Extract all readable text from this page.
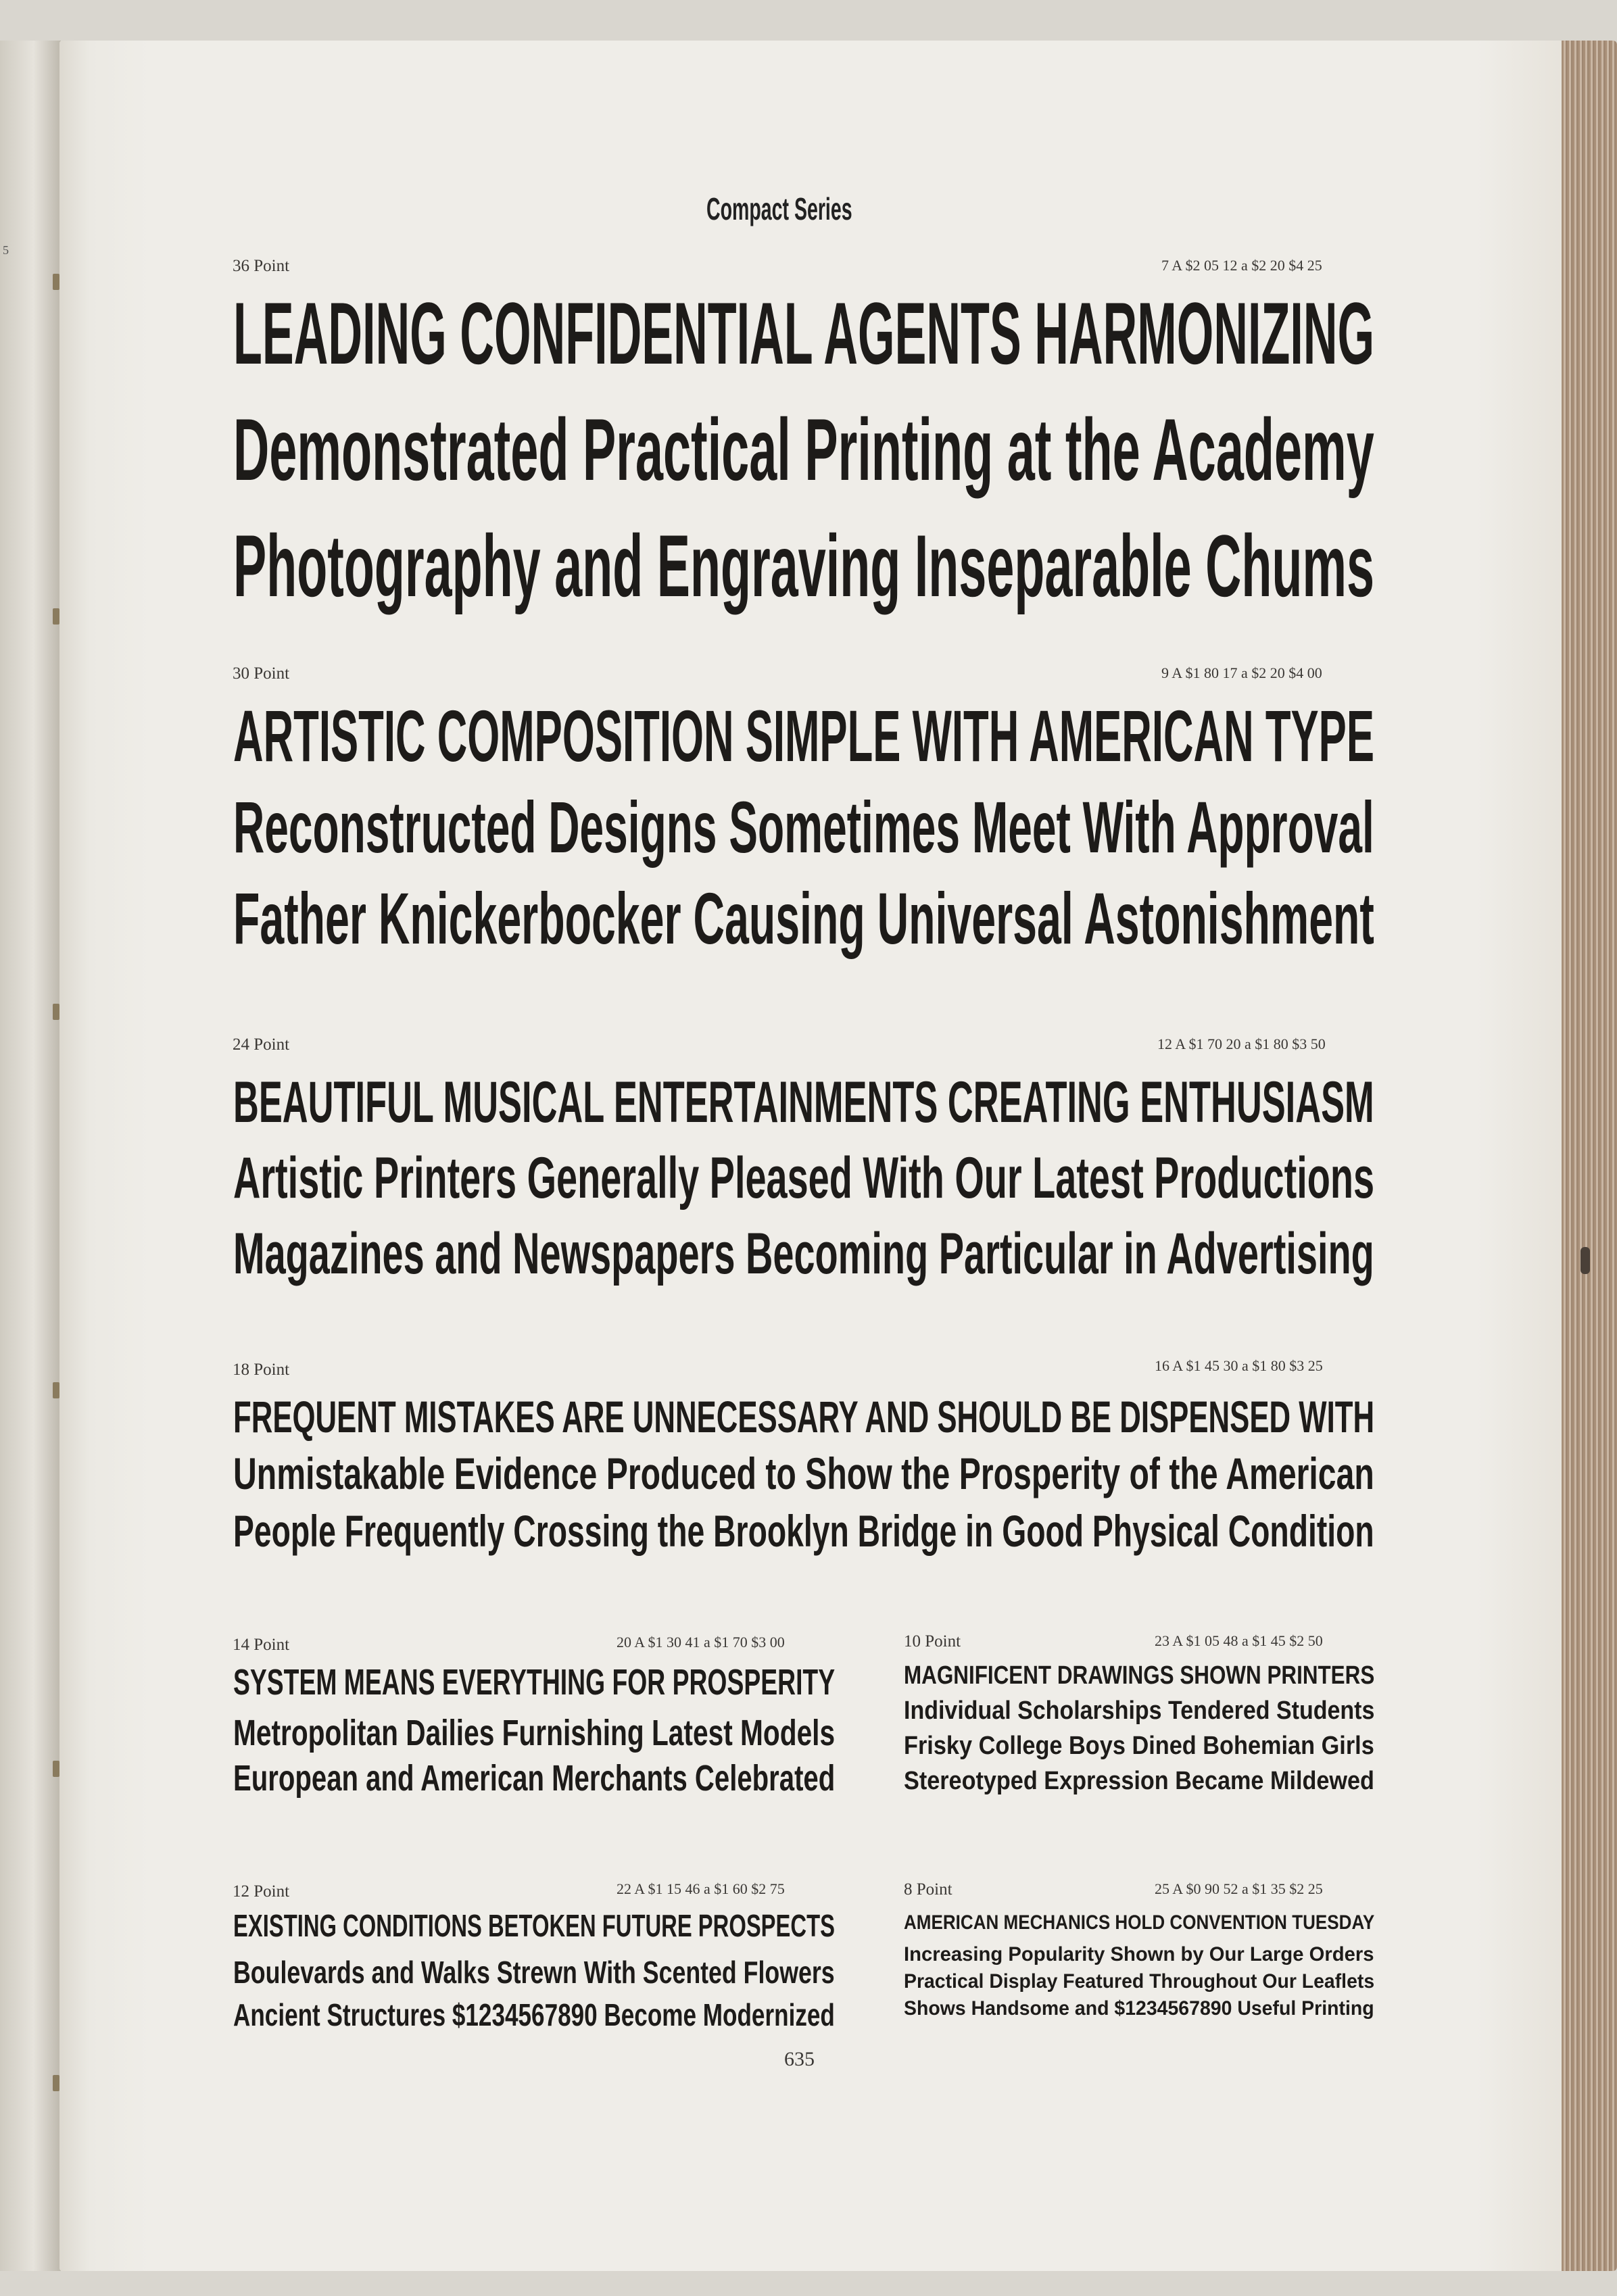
5
Compact Series
36 Point	7 A $2 05 12 a $2 20 $4 25
LEADING CONFIDENTIAL AGENTS HARMONIZING
Demonstrated Practical Printing at the Academy
Photography and Engraving Inseparable Chums
30 Point	9 A $1 80 17 a $2 20 $4 00
ARTISTIC COMPOSITION SIMPLE WITH AMERICAN TYPE
Reconstructed Designs Sometimes Meet With Approval
Father Knickerbocker Causing Universal Astonishment
24 Point	12 A $1 70 20 a $1 80 $3 50
BEAUTIFUL MUSICAL ENTERTAINMENTS CREATING ENTHUSIASM
Artistic Printers Generally Pleased With Our Latest Productions
Magazines and Newspapers Becoming Particular in Advertising
18 Point	16 A $1 45 30 a $1 80 $3 25
FREQUENT MISTAKES ARE UNNECESSARY AND SHOULD BE DISPENSED WITH
Unmistakable Evidence Produced to Show the Prosperity of the American
People Frequently Crossing the Brooklyn Bridge in Good Physical Condition
14 Point	20 A $1 30 41 a $1 70 $3 00
SYSTEM MEANS EVERYTHING FOR PROSPERITY
Metropolitan Dailies Furnishing Latest Models
European and American Merchants Celebrated
10 Point	23 A $1 05 48 a $1 45 $2 50
MAGNIFICENT DRAWINGS SHOWN PRINTERS
Individual Scholarships Tendered Students
Frisky College Boys Dined Bohemian Girls
Stereotyped Expression Became Mildewed
12 Point	22 A $1 15 46 a $1 60 $2 75
EXISTING CONDITIONS BETOKEN FUTURE PROSPECTS
Boulevards and Walks Strewn With Scented Flowers
Ancient Structures $1234567890 Become Modernized
8 Point	25 A $0 90 52 a $1 35 $2 25
AMERICAN MECHANICS HOLD CONVENTION TUESDAY
Increasing Popularity Shown by Our Large Orders
Practical Display Featured Throughout Our Leaflets
Shows Handsome and $1234567890 Useful Printing
635
